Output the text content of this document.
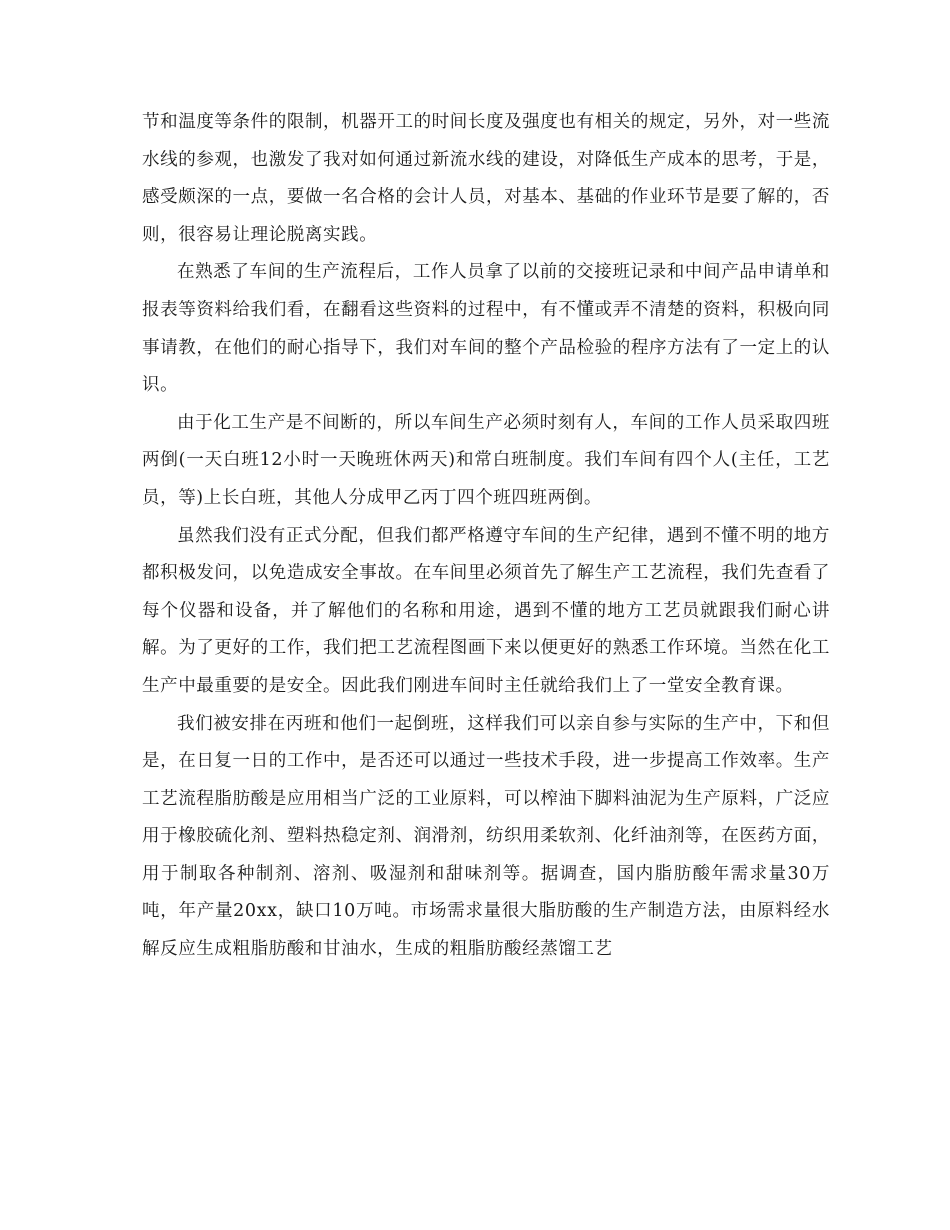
节和温度等条件的限制，机器开工的时间长度及强度也有相关的规定，另外，对一些流水线的参观，也激发了我对如何通过新流水线的建设，对降低生产成本的思考，于是，感受颇深的一点，要做一名合格的会计人员，对基本、基础的作业环节是要了解的，否则，很容易让理论脱离实践。

在熟悉了车间的生产流程后，工作人员拿了以前的交接班记录和中间产品申请单和报表等资料给我们看，在翻看这些资料的过程中，有不懂或弄不清楚的资料，积极向同事请教，在他们的耐心指导下，我们对车间的整个产品检验的程序方法有了一定上的认识。

由于化工生产是不间断的，所以车间生产必须时刻有人，车间的工作人员采取四班两倒(一天白班12小时一天晚班休两天)和常白班制度。我们车间有四个人(主任，工艺员，等)上长白班，其他人分成甲乙丙丁四个班四班两倒。

虽然我们没有正式分配，但我们都严格遵守车间的生产纪律，遇到不懂不明的地方都积极发问，以免造成安全事故。在车间里必须首先了解生产工艺流程，我们先查看了每个仪器和设备，并了解他们的名称和用途，遇到不懂的地方工艺员就跟我们耐心讲解。为了更好的工作，我们把工艺流程图画下来以便更好的熟悉工作环境。当然在化工生产中最重要的是安全。因此我们刚进车间时主任就给我们上了一堂安全教育课。

我们被安排在丙班和他们一起倒班，这样我们可以亲自参与实际的生产中，下和但是，在日复一日的工作中，是否还可以通过一些技术手段，进一步提高工作效率。生产工艺流程脂肪酸是应用相当广泛的工业原料，可以榨油下脚料油泥为生产原料，广泛应用于橡胶硫化剂、塑料热稳定剂、润滑剂，纺织用柔软剂、化纤油剂等，在医药方面，用于制取各种制剂、溶剂、吸湿剂和甜味剂等。据调查，国内脂肪酸年需求量30万吨，年产量20xx，缺口10万吨。市场需求量很大脂肪酸的生产制造方法，由原料经水解反应生成粗脂肪酸和甘油水，生成的粗脂肪酸经蒸馏工艺
